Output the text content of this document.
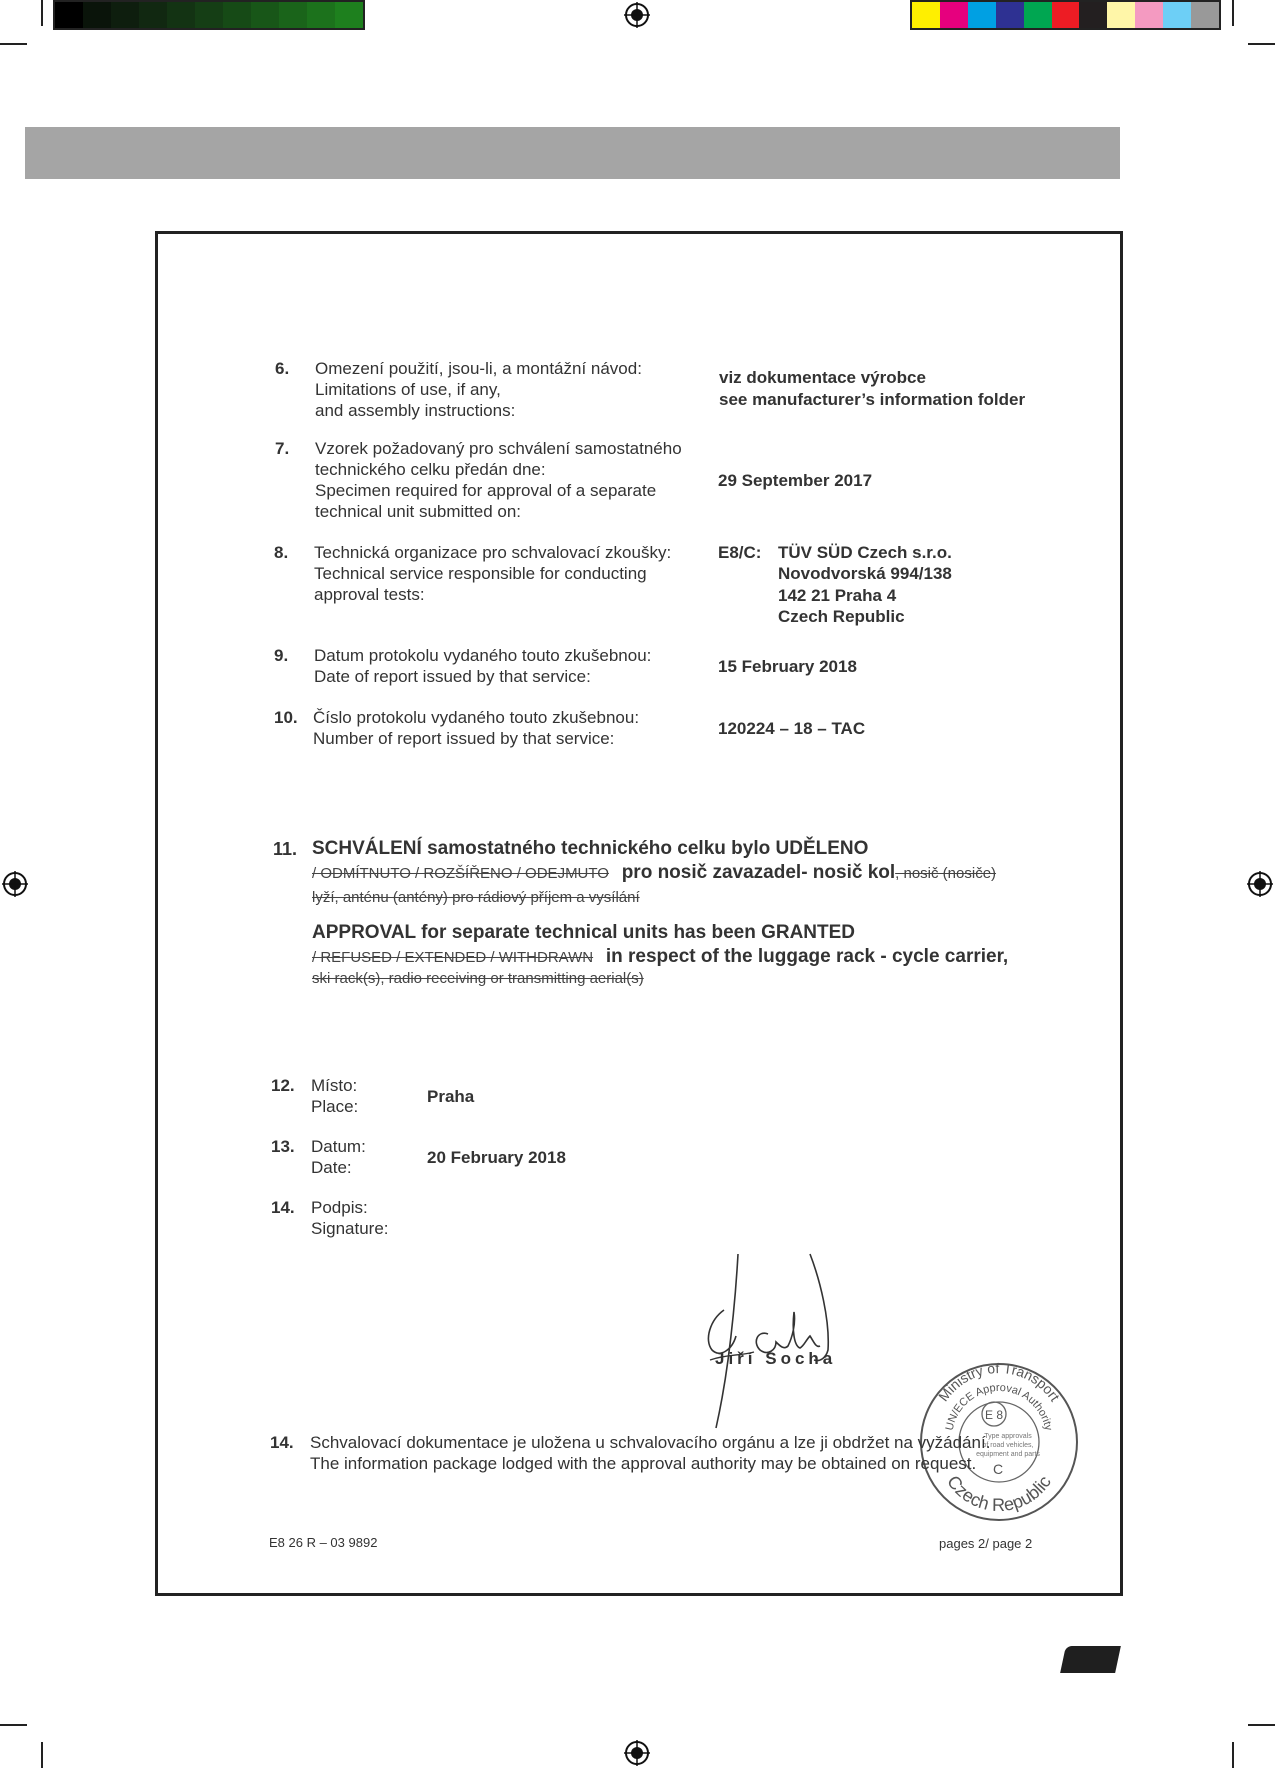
6. Omezení použití, jsou-li, a montážní návod:
Limitations of use, if any,
and assembly instructions:
viz dokumentace výrobce
see manufacturer’s information folder
7. Vzorek požadovaný pro schválení samostatného
technického celku předán dne:
Specimen required for approval of a separate
technical unit submitted on:
29 September 2017
8. Technická organizace pro schvalovací zkoušky:
Technical service responsible for conducting
approval tests:
E8/C: TÜV SÜD Czech s.r.o.
Novodvorská 994/138
142 21 Praha 4
Czech Republic
9. Datum protokolu vydaného touto zkušebnou:
Date of report issued by that service:
15 February 2018
10. Číslo protokolu vydaného touto zkušebnou:
Number of report issued by that service:
120224 – 18 – TAC
11. SCHVÁLENÍ samostatného technického celku bylo UDĚLENO
/ ODMÍTNUTO / ROZŠÍŘENO / ODEJMUTO pro nosič zavazadel- nosič kol, nosič (nosiče)
lyží, anténu (antény) pro rádiový příjem a vysílání
APPROVAL for separate technical units has been GRANTED
/ REFUSED / EXTENDED / WITHDRAWN in respect of the luggage rack - cycle carrier,
ski rack(s), radio receiving or transmitting aerial(s)
12. Místo:
Place:
Praha
13. Datum:
Date:
20 February 2018
14. Podpis:
Signature:
Jiří Socha
Ministry of Transport
UN/ECE Approval Authority
Czech Republic
E 8
Type approvals
of road vehicles,
equipment and parts
C
14. Schvalovací dokumentace je uložena u schvalovacího orgánu a lze ji obdržet na vyžádání.
The information package lodged with the approval authority may be obtained on request.
E8 26 R – 03 9892	pages 2/ page 2
